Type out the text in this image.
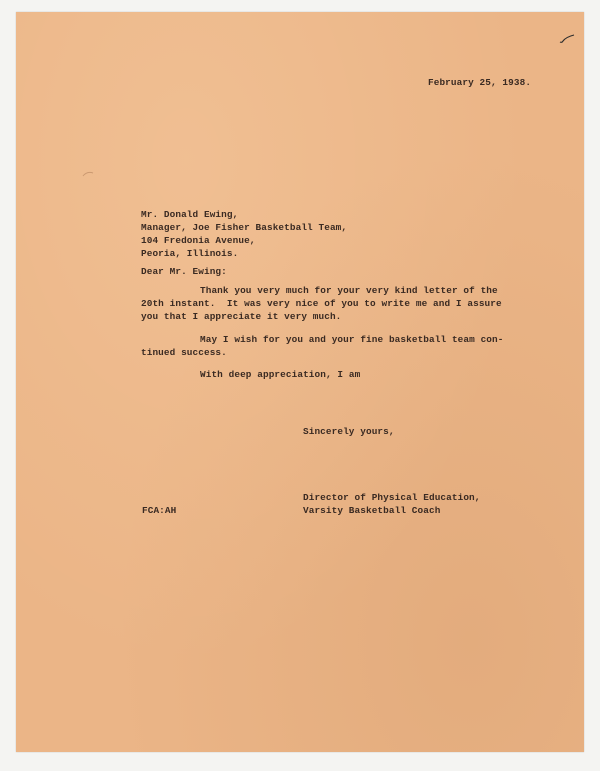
February 25, 1938.

Mr. Donald Ewing,

Manager, Joe Fisher Basketball Team,

104 Fredonia Avenue,

Peoria, Illinois.

Dear Mr. Ewing:

Thank you very much for your very kind letter of the

20th instant.  It was very nice of you to write me and I assure

you that I appreciate it very much.

May I wish for you and your fine basketball team con-

tinued success.

With deep appreciation, I am

Sincerely yours,

Director of Physical Education,

Varsity Basketball Coach

FCA:AH
